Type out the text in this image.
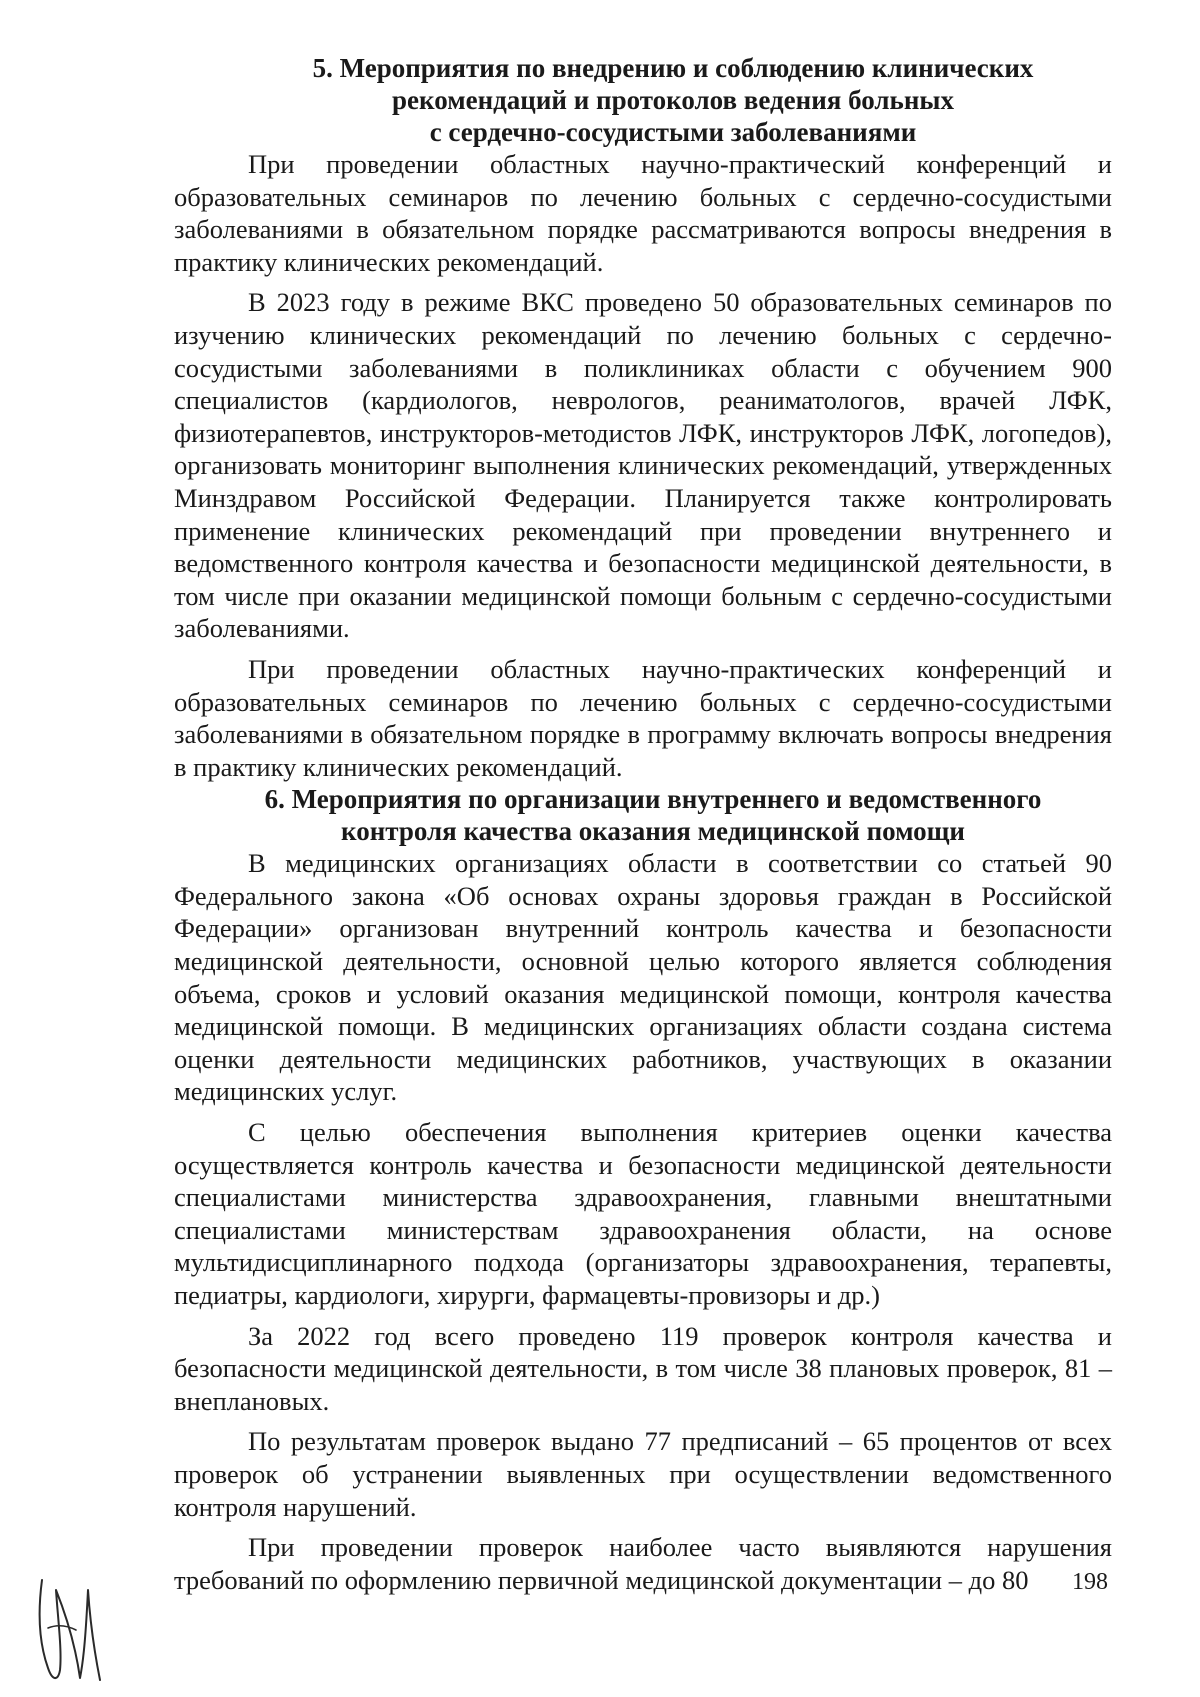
5. Мероприятия по внедрению и соблюдению клинических
рекомендаций и протоколов ведения больных
с сердечно-сосудистыми заболеваниями

При проведении областных научно-практический конференций и образовательных семинаров по лечению больных с сердечно-сосудистыми заболеваниями в обязательном порядке рассматриваются вопросы внедрения в практику клинических рекомендаций.

В 2023 году в режиме ВКС проведено 50 образовательных семинаров по изучению клинических рекомендаций по лечению больных с сердечно-сосудистыми заболеваниями в поликлиниках области с обучением 900 специалистов (кардиологов, неврологов, реаниматологов, врачей ЛФК, физиотерапевтов, инструкторов-методистов ЛФК, инструкторов ЛФК, логопедов), организовать мониторинг выполнения клинических рекомендаций, утвержденных Минздравом Российской Федерации. Планируется также контролировать применение клинических рекомендаций при проведении внутреннего и ведомственного контроля качества и безопасности медицинской деятельности, в том числе при оказании медицинской помощи больным с сердечно-сосудистыми заболеваниями.

При проведении областных научно-практических конференций и образовательных семинаров по лечению больных с сердечно-сосудистыми заболеваниями в обязательном порядке в программу включать вопросы внедрения в практику клинических рекомендаций.

6. Мероприятия по организации внутреннего и ведомственного
контроля качества оказания медицинской помощи

В медицинских организациях области в соответствии со статьей 90 Федерального закона «Об основах охраны здоровья граждан в Российской Федерации» организован внутренний контроль качества и безопасности медицинской деятельности, основной целью которого является соблюдения объема, сроков и условий оказания медицинской помощи, контроля качества медицинской помощи. В медицинских организациях области создана система оценки деятельности медицинских работников, участвующих в оказании медицинских услуг.

С целью обеспечения выполнения критериев оценки качества осуществляется контроль качества и безопасности медицинской деятельности специалистами министерства здравоохранения, главными внештатными специалистами министерствам здравоохранения области, на основе мультидисциплинарного подхода (организаторы здравоохранения, терапевты, педиатры, кардиологи, хирурги, фармацевты-провизоры и др.)

За 2022 год всего проведено 119 проверок контроля качества и безопасности медицинской деятельности, в том числе 38 плановых проверок, 81 – внеплановых.

По результатам проверок выдано 77 предписаний – 65 процентов от всех проверок об устранении выявленных при осуществлении ведомственного контроля нарушений.

При проведении проверок наиболее часто выявляются нарушения требований по оформлению первичной медицинской документации – до 80	198
